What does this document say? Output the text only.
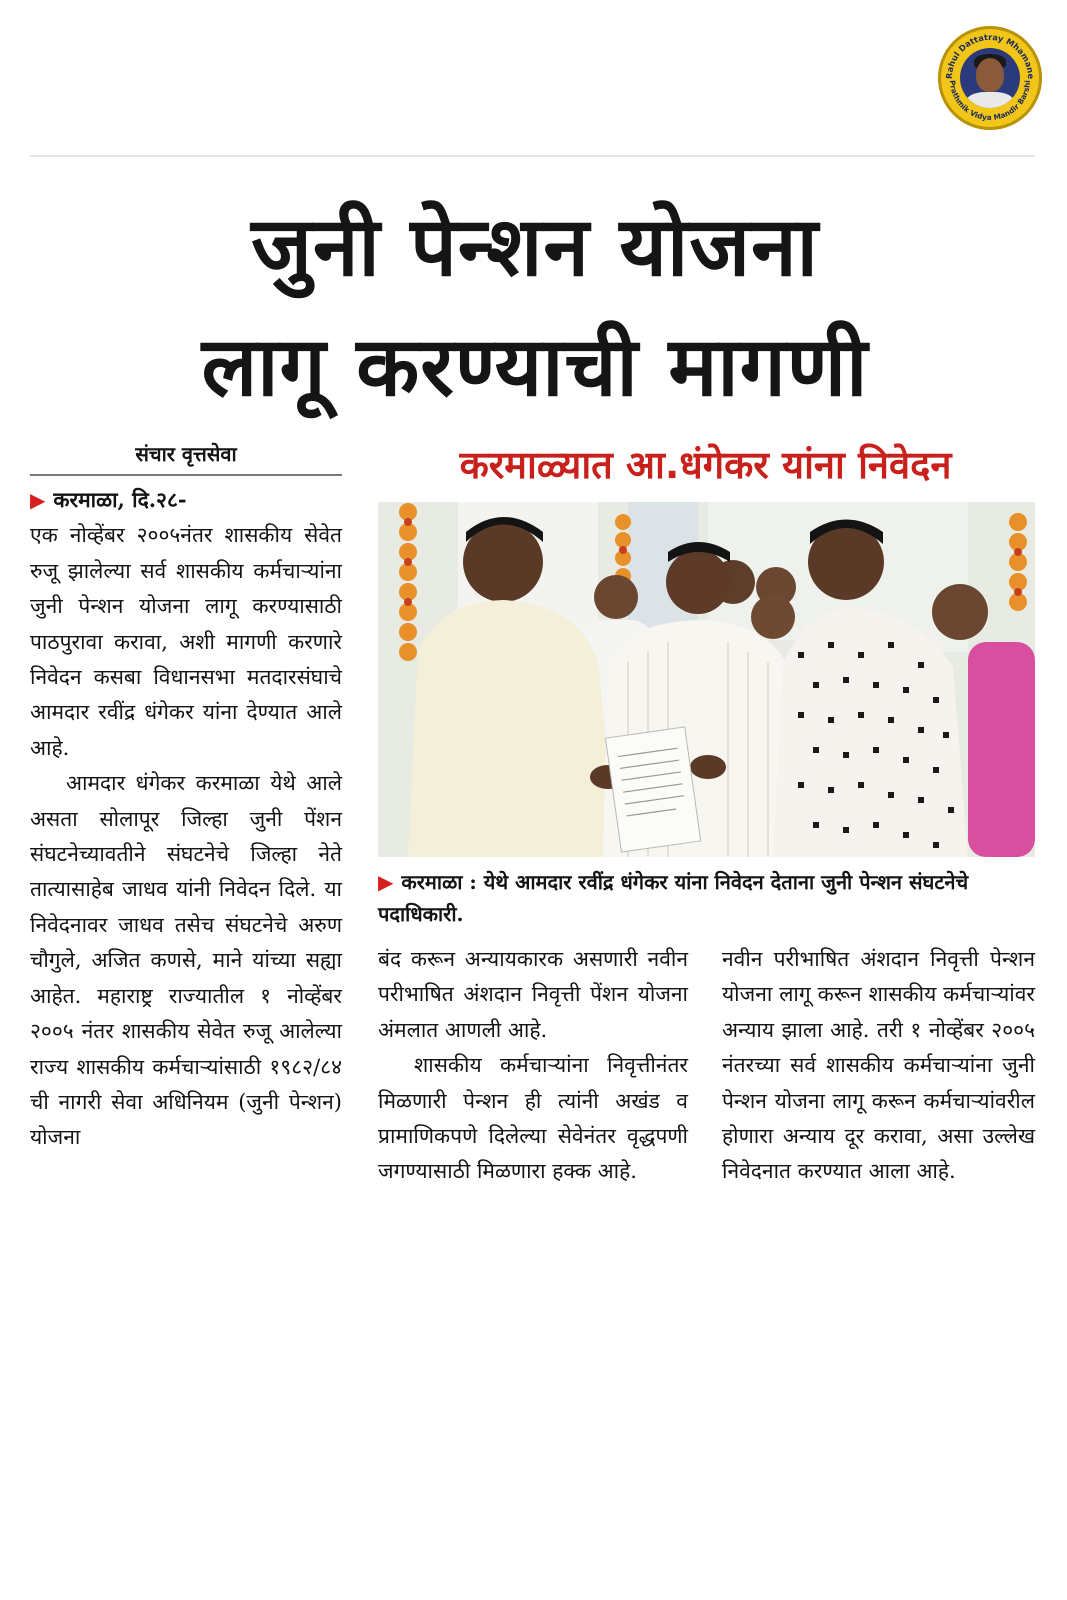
Rahul Dattatray Mhamane
Prathmik Vidya Mandir Barshi
जुनी पेन्शन योजना
लागू करण्याची मागणी
संचार वृत्तसेवा	करमाळ्यात आ.धंगेकर यांना निवेदन

▶ करमाळा : येथे आमदार रवींद्र धंगेकर यांना निवेदन देताना जुनी पेन्शन संघटनेचे पदाधिकारी.

▶ करमाळा, दि.२८-

एक नोव्हेंबर २००५नंतर शासकीय सेवेत रुजू झालेल्या सर्व शासकीय कर्मचाऱ्यांना जुनी पेन्शन योजना लागू करण्यासाठी पाठपुरावा करावा, अशी मागणी करणारे निवेदन कसबा विधानसभा मतदारसंघाचे आमदार रवींद्र धंगेकर यांना देण्यात आले आहे.

आमदार धंगेकर करमाळा येथे आले असता सोलापूर जिल्हा जुनी पेंशन संघटनेच्यावतीने संघटनेचे जिल्हा नेते तात्यासाहेब जाधव यांनी निवेदन दिले. या निवेदनावर जाधव तसेच संघटनेचे अरुण चौगुले, अजित कणसे, माने यांच्या सह्या आहेत. महाराष्ट्र राज्यातील १ नोव्हेंबर २००५ नंतर शासकीय सेवेत रुजू आलेल्या राज्य शासकीय कर्मचाऱ्यांसाठी १९८२/८४ ची नागरी सेवा अधिनियम (जुनी पेन्शन) योजना

बंद करून अन्यायकारक असणारी नवीन परीभाषित अंशदान निवृत्ती पेंशन योजना अंमलात आणली आहे.

शासकीय कर्मचाऱ्यांना निवृत्तीनंतर मिळणारी पेन्शन ही त्यांनी अखंड व प्रामाणिकपणे दिलेल्या सेवेनंतर वृद्धपणी जगण्यासाठी मिळणारा हक्क आहे.

नवीन परीभाषित अंशदान निवृत्ती पेन्शन योजना लागू करून शासकीय कर्मचाऱ्यांवर अन्याय झाला आहे. तरी १ नोव्हेंबर २००५ नंतरच्या सर्व शासकीय कर्मचाऱ्यांना जुनी पेन्शन योजना लागू करून कर्मचाऱ्यांवरील होणारा अन्याय दूर करावा, असा उल्लेख निवेदनात करण्यात आला आहे.
